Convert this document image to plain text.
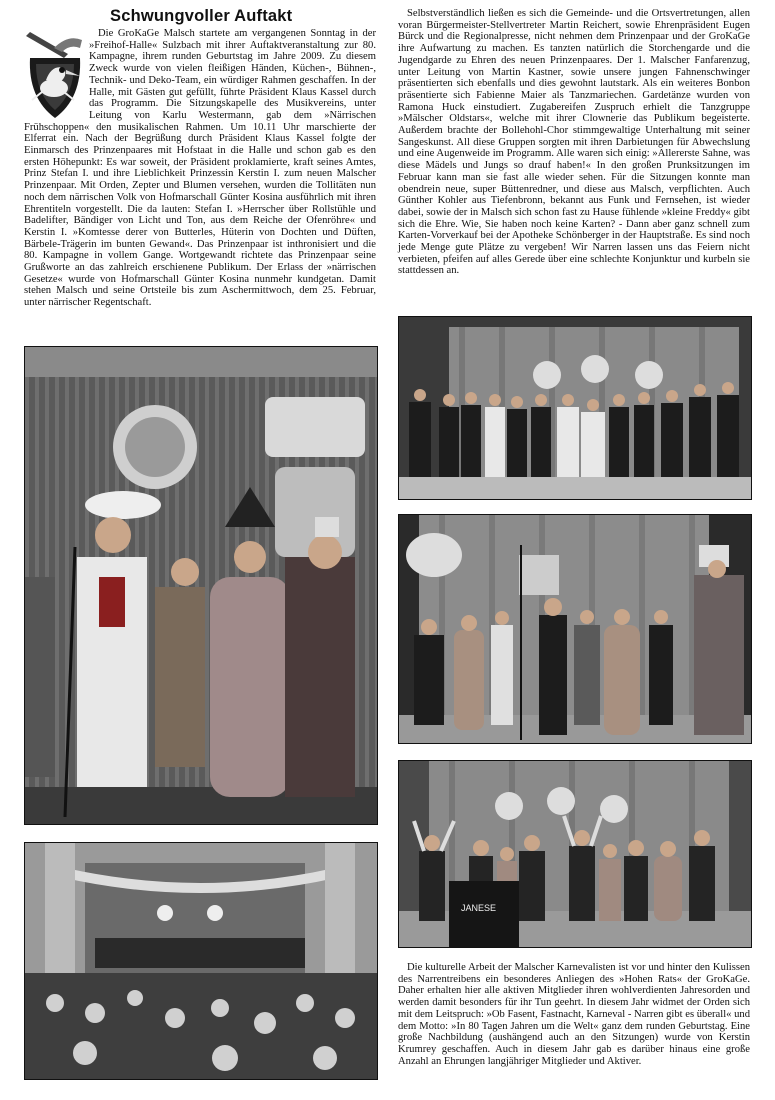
Schwungvoller Auftakt

Die GroKaGe Malsch startete am vergangenen Sonntag in der »Freihof-Halle« Sulzbach mit ihrer Auftaktveranstaltung zur 80. Kampagne, ihrem runden Geburtstag im Jahre 2009. Zu diesem Zweck wurde von vielen fleißigen Händen, Küchen-, Bühnen-, Technik- und Deko-Team, ein würdiger Rahmen geschaffen. In der Halle, mit Gästen gut gefüllt, führte Präsident Klaus Kassel durch das Programm. Die Sitzungskapelle des Musikvereins, unter Leitung von Karlu Westermann, gab dem »Närrischen Frühschoppen« den musikalischen Rahmen. Um 10.11 Uhr marschierte der Elferrat ein. Nach der Begrüßung durch Präsident Klaus Kassel folgte der Einmarsch des Prinzenpaares mit Hofstaat in die Halle und schon gab es den ersten Höhepunkt: Es war soweit, der Präsident proklamierte, kraft seines Amtes, Prinz Stefan I. und ihre Lieblichkeit Prinzessin Kerstin I. zum neuen Malscher Prinzenpaar. Mit Orden, Zepter und Blumen versehen, wurden die Tollitäten nun noch dem närrischen Volk von Hofmarschall Günter Kosina ausführlich mit ihren Ehrentiteln vorgestellt. Die da lauten: Stefan I. »Herrscher über Rollstühle und Badelifter, Bändiger von Licht und Ton, aus dem Reiche der Ofenröhre« und Kerstin I. »Komtesse derer von Butterles, Hüterin von Dochten und Düften, Bärbele-Trägerin im bunten Gewand«. Das Prinzenpaar ist inthronisiert und die 80. Kampagne in vollem Gange. Wortgewandt richtete das Prinzenpaar seine Grußworte an das zahlreich erschienene Publikum. Der Erlass der »närrischen Gesetze« wurde von Hofmarschall Günter Kosina nunmehr kundgetan. Damit stehen Malsch und seine Ortsteile bis zum Aschermittwoch, dem 25. Februar, unter närrischer Regentschaft.

Selbstverständlich ließen es sich die Gemeinde- und die Ortsvertretungen, allen voran Bürgermeister-Stellvertreter Martin Reichert, sowie Ehrenpräsident Eugen Bürck und die Regionalpresse, nicht nehmen dem Prinzenpaar und der GroKaGe ihre Aufwartung zu machen. Es tanzten natürlich die Storchengarde und die Jugendgarde zu Ehren des neuen Prinzenpaares. Der 1. Malscher Fanfarenzug, unter Leitung von Martin Kastner, sowie unsere jungen Fahnenschwinger präsentierten sich ebenfalls und dies gewohnt lautstark. Als ein weiteres Bonbon präsentierte sich Fabienne Maier als Tanzmariechen. Gardetänze wurden von Ramona Huck einstudiert. Zugabereifen Zuspruch erhielt die Tanzgruppe »Mälscher Oldstars«, welche mit ihrer Clownerie das Publikum begeisterte. Außerdem brachte der Bollehohl-Chor stimmgewaltige Unterhaltung mit seiner Sangeskunst. All diese Gruppen sorgten mit ihren Darbietungen für Abwechslung und eine Augenweide im Programm. Alle waren sich einig: »Allererste Sahne, was diese Mädels und Jungs so drauf haben!« In den großen Prunksitzungen im Februar kann man sie fast alle wieder sehen. Für die Sitzungen konnte man obendrein neue, super Büttenredner, und diese aus Malsch, verpflichten. Auch Günther Kohler aus Tiefenbronn, bekannt aus Funk und Fernsehen, ist wieder dabei, sowie der in Malsch sich schon fast zu Hause fühlende »kleine Freddy« gibt sich die Ehre. Wie, Sie haben noch keine Karten? - Dann aber ganz schnell zum Karten-Vorverkauf bei der Apotheke Schönberger in der Hauptstraße. Es sind noch jede Menge gute Plätze zu vergeben! Wir Narren lassen uns das Feiern nicht verbieten, pfeifen auf alles Gerede über eine schlechte Konjunktur und kurbeln sie stattdessen an.

Die kulturelle Arbeit der Malscher Karnevalisten ist vor und hinter den Kulissen des Narrentreibens ein besonderes Anliegen des »Hohen Rats« der GroKaGe. Daher erhalten hier alle aktiven Mitglieder ihren wohlverdienten Jahresorden und werden damit besonders für ihr Tun geehrt. In diesem Jahr widmet der Orden sich mit dem Leitspruch: »Ob Fasent, Fastnacht, Karneval - Narren gibt es überall« und dem Motto: »In 80 Tagen Jahren um die Welt« ganz dem runden Geburtstag. Eine große Nachbildung (aushängend auch an den Sitzungen) wurde von Kerstin Krumrey geschaffen. Auch in diesem Jahr gab es darüber hinaus eine große Anzahl an Ehrungen langjähriger Mitglieder und Aktiver.

JANESE
